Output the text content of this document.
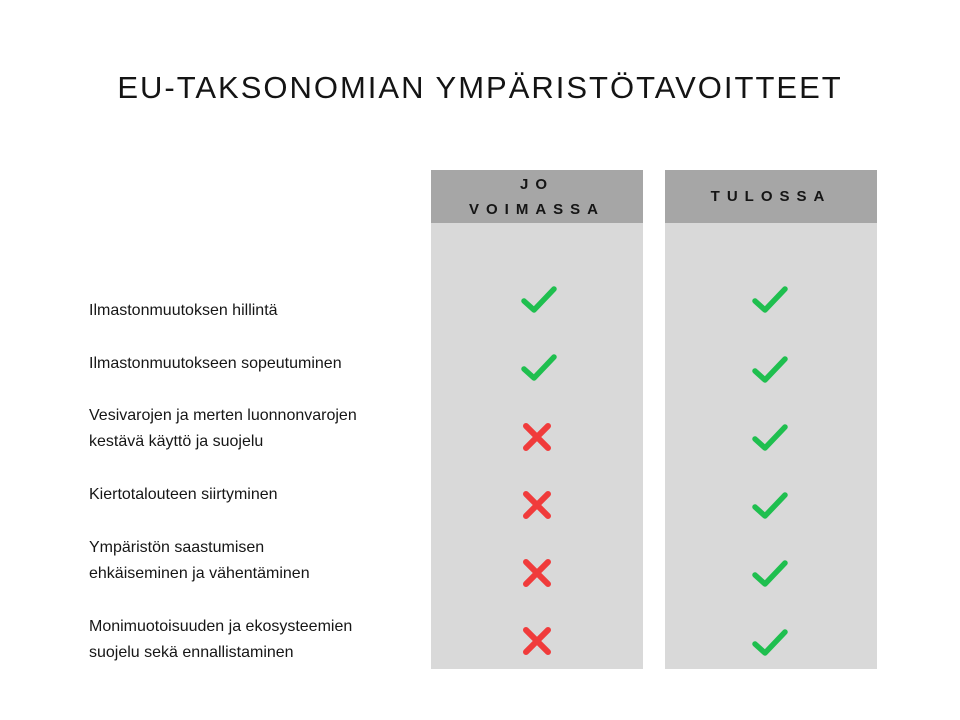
EU-TAKSONOMIAN YMPÄRISTÖTAVOITTEET
JO
VOIMASSA
TULOSSA
Ilmastonmuutoksen hillintä
Ilmastonmuutokseen sopeutuminen
Vesivarojen ja merten luonnonvarojen
kestävä käyttö ja suojelu
Kiertotalouteen siirtyminen
Ympäristön saastumisen
ehkäiseminen ja vähentäminen
Monimuotoisuuden ja ekosysteemien
suojelu sekä ennallistaminen
